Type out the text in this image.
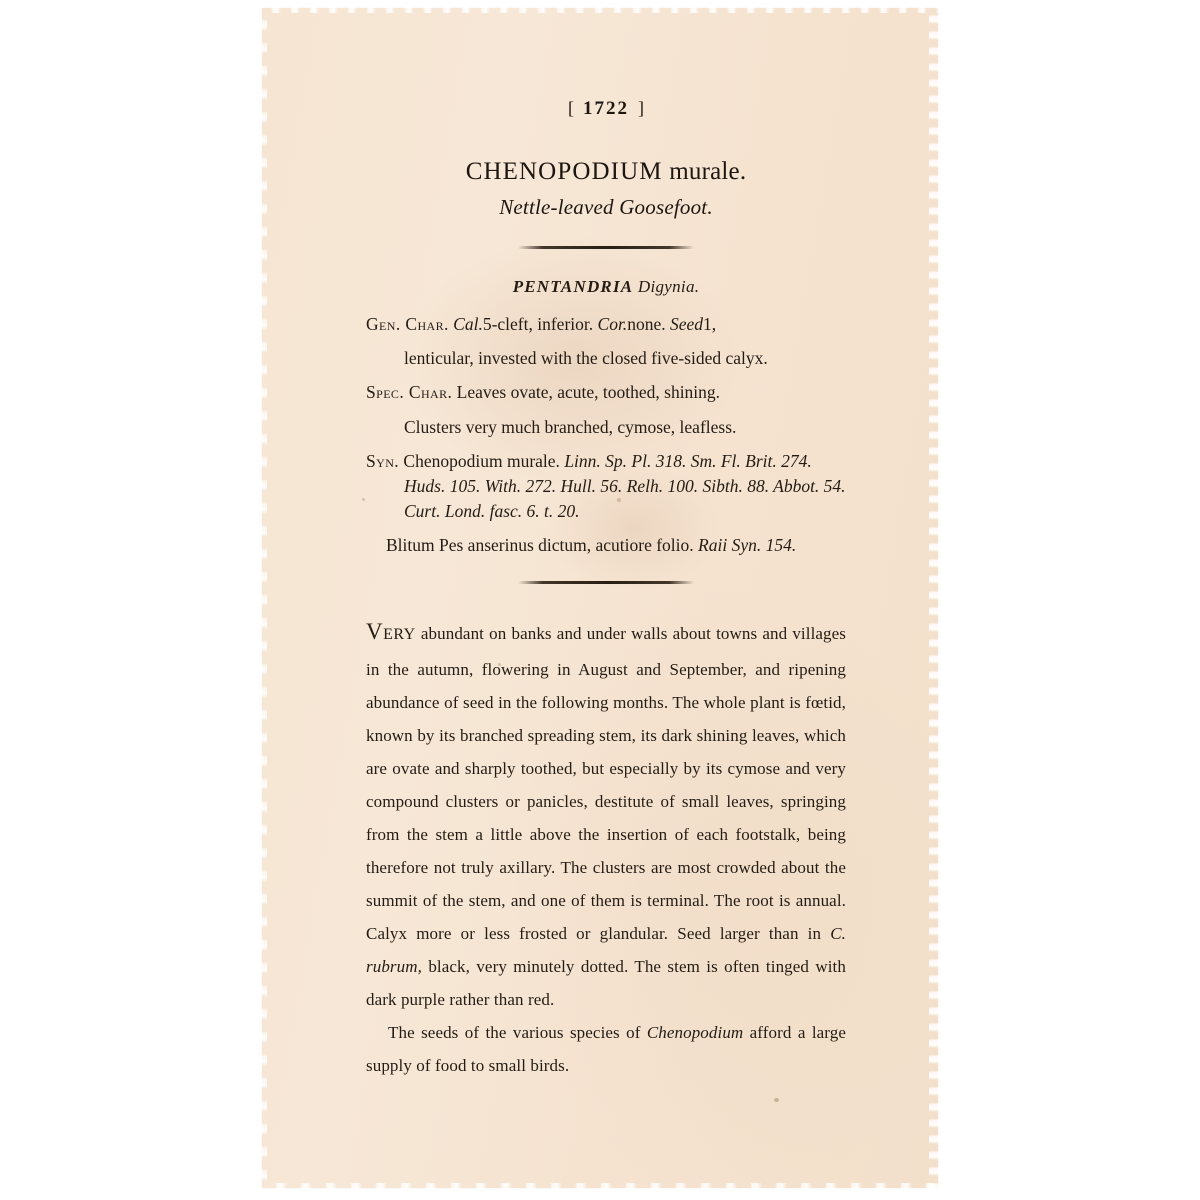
[ 1722 ]
CHENOPODIUM murale.
Nettle-leaved Goosefoot.
PENTANDRIA Digynia.
Gen. Char. Cal.5-cleft, inferior. Cor.none. Seed1,
lenticular, invested with the closed five-sided calyx.
Spec. Char. Leaves ovate, acute, toothed, shining.
Clusters very much branched, cymose, leafless.
Syn. Chenopodium murale. Linn. Sp. Pl. 318. Sm. Fl. Brit. 274. Huds. 105. With. 272. Hull. 56. Relh. 100. Sibth. 88. Abbot. 54. Curt. Lond. fasc. 6. t. 20.
Blitum Pes anserinus dictum, acutiore folio. Raii Syn. 154.

Very abundant on banks and under walls about towns and villages in the autumn, flowering in August and September, and ripening abundance of seed in the following months. The whole plant is fœtid, known by its branched spreading stem, its dark shining leaves, which are ovate and sharply toothed, but especially by its cymose and very compound clusters or panicles, destitute of small leaves, springing from the stem a little above the insertion of each footstalk, being therefore not truly axillary. The clusters are most crowded about the summit of the stem, and one of them is terminal. The root is annual. Calyx more or less frosted or glandular. Seed larger than in C. rubrum, black, very minutely dotted. The stem is often tinged with dark purple rather than red.

The seeds of the various species of Chenopodium afford a large supply of food to small birds.
